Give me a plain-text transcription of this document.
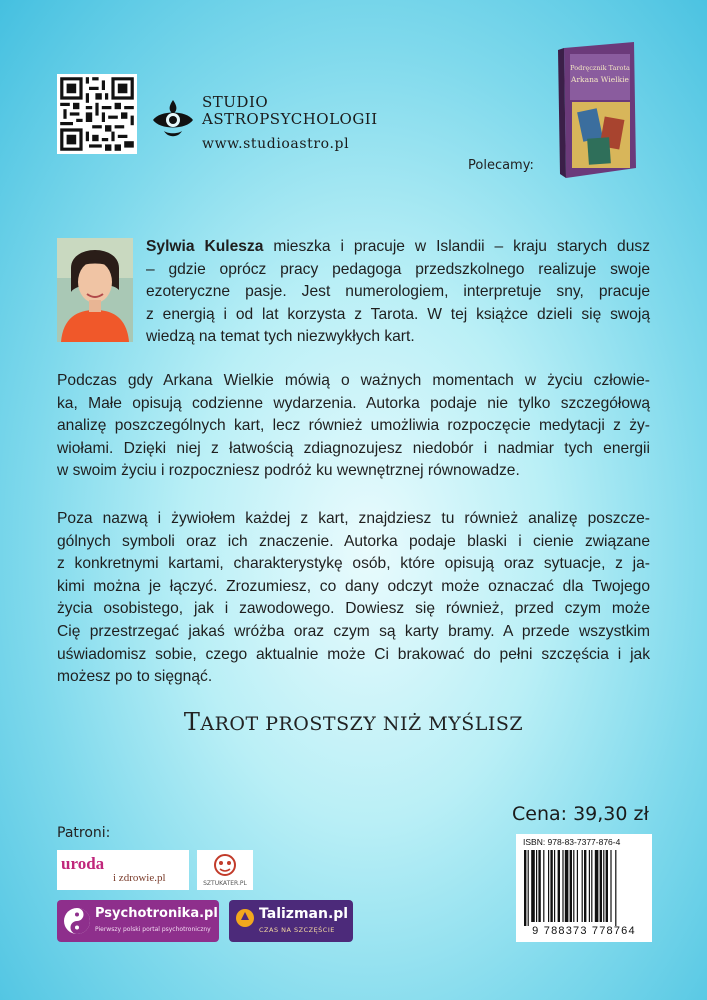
STUDIO
ASTROPSYCHOLOGII
www.studioastro.pl
Polecamy:
Podręcznik Tarota
Arkana Wielkie
Sylwia Kulesza mieszka i pracuje w Islandii – kraju starych dusz
– gdzie oprócz pracy pedagoga przedszkolnego realizuje swoje
ezoteryczne pasje. Jest numerologiem, interpretuje sny, pracuje
z energią i od lat korzysta z Tarota. W tej książce dzieli się swoją
wiedzą na temat tych niezwykłych kart.
Podczas gdy Arkana Wielkie mówią o ważnych momentach w życiu człowie-
ka, Małe opisują codzienne wydarzenia. Autorka podaje nie tylko szczegółową
analizę poszczególnych kart, lecz również umożliwia rozpoczęcie medytacji z ży-
wiołami. Dzięki niej z łatwością zdiagnozujesz niedobór i nadmiar tych energii
w swoim życiu i rozpoczniesz podróż ku wewnętrznej równowadze.
Poza nazwą i żywiołem każdej z kart, znajdziesz tu również analizę poszcze-
gólnych symboli oraz ich znaczenie. Autorka podaje blaski i cienie związane
z konkretnymi kartami, charakterystykę osób, które opisują oraz sytuacje, z ja-
kimi można je łączyć. Zrozumiesz, co dany odczyt może oznaczać dla Twojego
życia osobistego, jak i zawodowego. Dowiesz się również, przed czym może
Cię przestrzegać jakaś wróżba oraz czym są karty bramy. A przede wszystkim
uświadomisz sobie, czego aktualnie może Ci brakować do pełni szczęścia i jak
możesz po to sięgnąć.
TAROT PROSTSZY NIŻ MYŚLISZ
Patroni:
uroda
i zdrowie.pl	SZTUKATER.PL
Psychotronika.pl
Pierwszy polski portal psychotroniczny
Talizman.pl
CZAS NA SZCZĘŚCIE
Cena: 39,30 zł
ISBN: 978-83-7377-876-4
9 788373 778764
